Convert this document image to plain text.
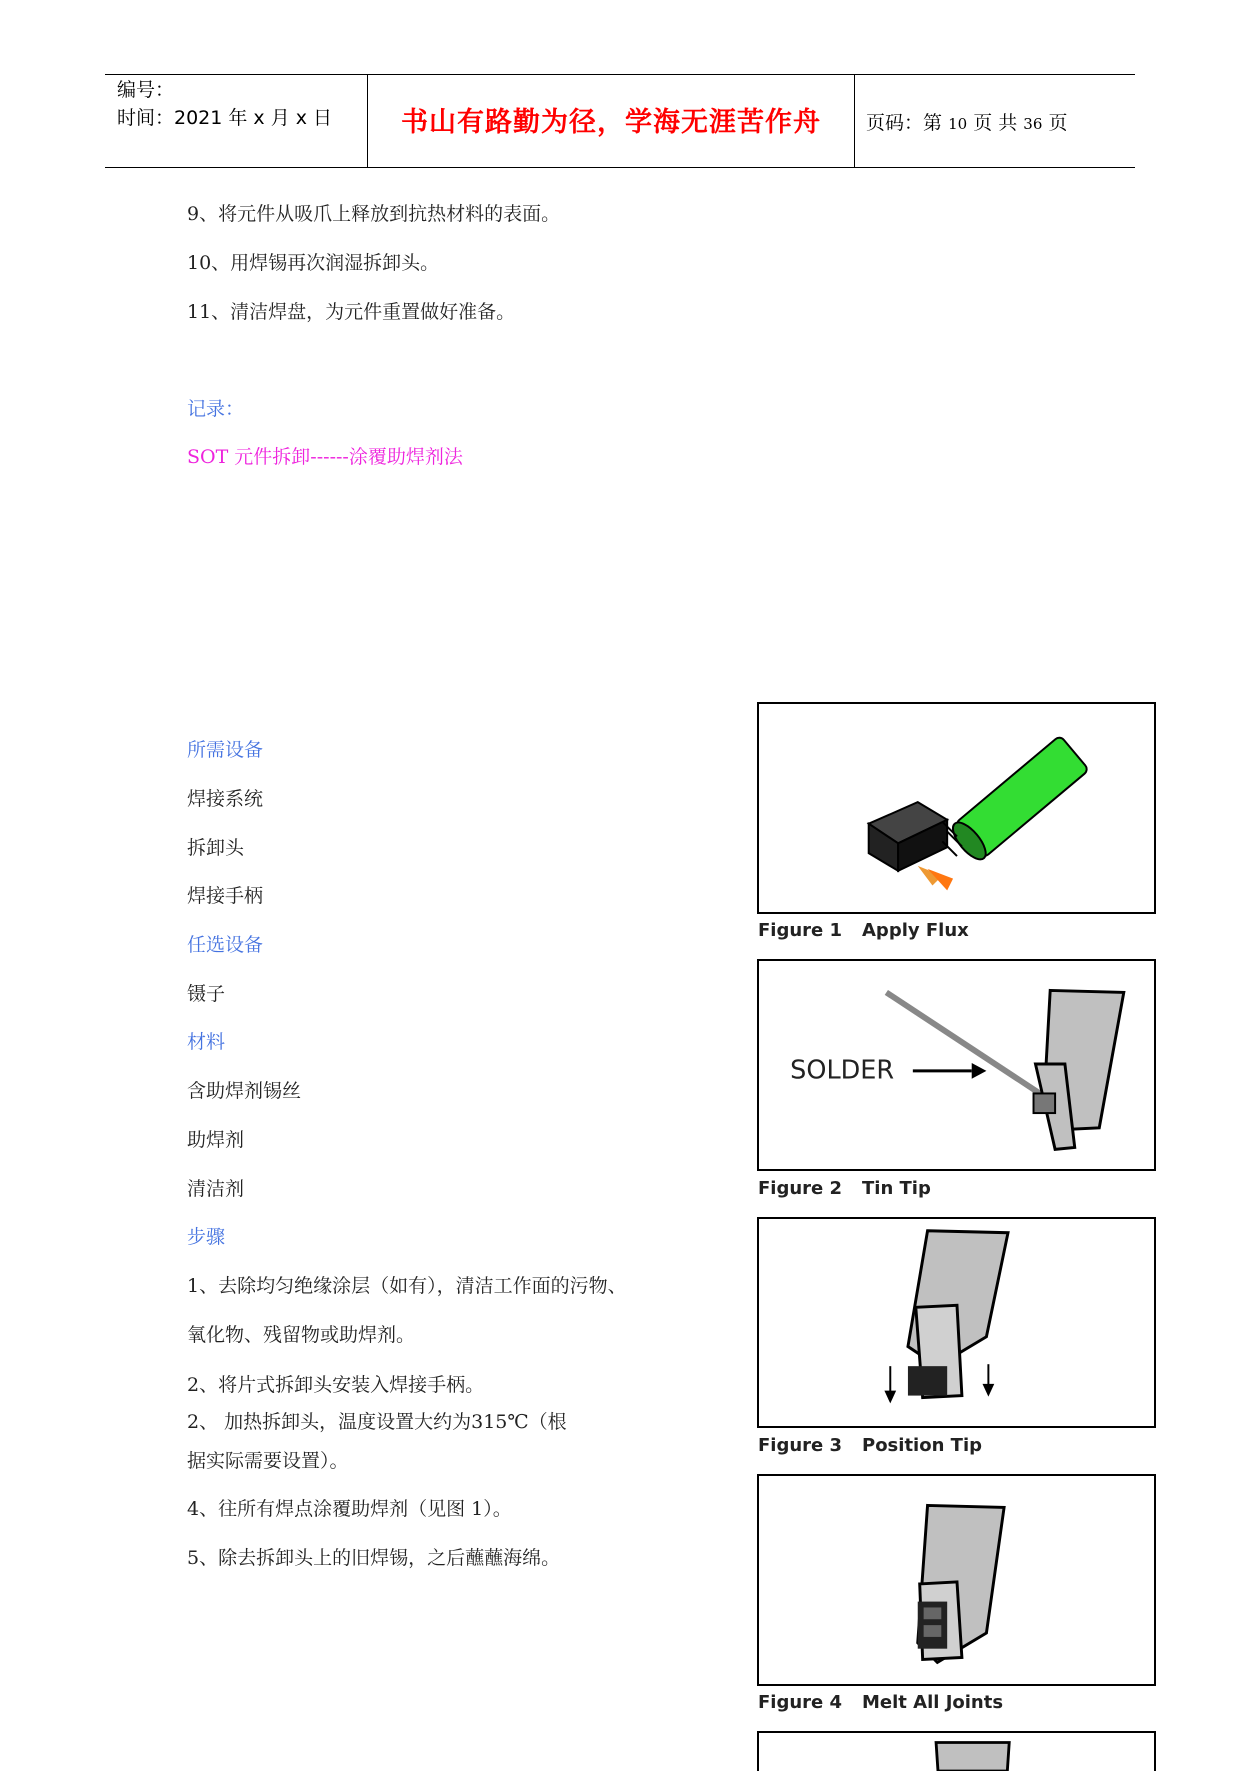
编号：
时间：2021 年 x 月 x 日	书山有路勤为径，学海无涯苦作舟	页码：第 10 页 共 36 页
9、将元件从吸爪上释放到抗热材料的表面。
10、用焊锡再次润湿拆卸头。
11、清洁焊盘，为元件重置做好准备。
记录：
SOT 元件拆卸------涂覆助焊剂法
所需设备
焊接系统
拆卸头
焊接手柄
任选设备
镊子
材料
含助焊剂锡丝
助焊剂
清洁剂
步骤
1、去除均匀绝缘涂层（如有），清洁工作面的污物、
氧化物、残留物或助焊剂。
2、将片式拆卸头安装入焊接手柄。
2、 加热拆卸头，温度设置大约为315℃（根
据实际需要设置）。
4、往所有焊点涂覆助焊剂（见图 1）。
5、除去拆卸头上的旧焊锡，之后蘸蘸海绵。
Figure 1 Apply Flux
SOLDER
Figure 2 Tin Tip
Figure 3 Position Tip
Figure 4 Melt All Joints
